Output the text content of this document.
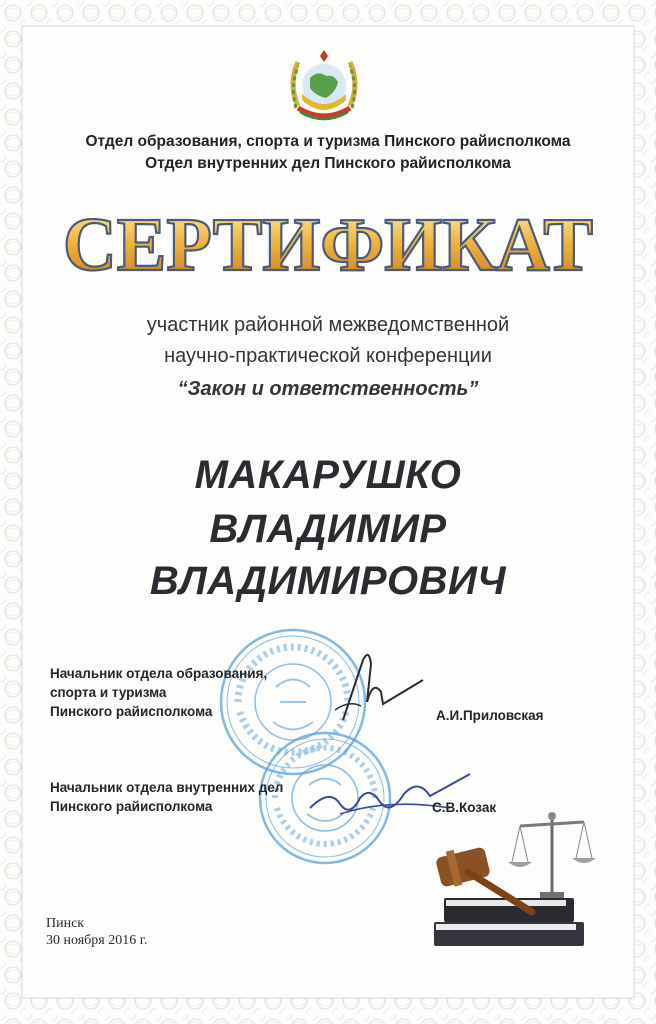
Отдел образования, спорта и туризма Пинского райисполкома
Отдел внутренних дел Пинского райисполкома
СЕРТИФИКАТ
участник районной межведомственной
научно-практической конференции
“Закон и ответственность”
МАКАРУШКО
ВЛАДИМИР
ВЛАДИМИРОВИЧ
Начальник отдела образования,
спорта и туризма
Пинского райисполкома	А.И.Приловская
Начальник отдела внутренних дел
Пинского райисполкома	С.В.Козак
Пинск
30 ноября 2016 г.
